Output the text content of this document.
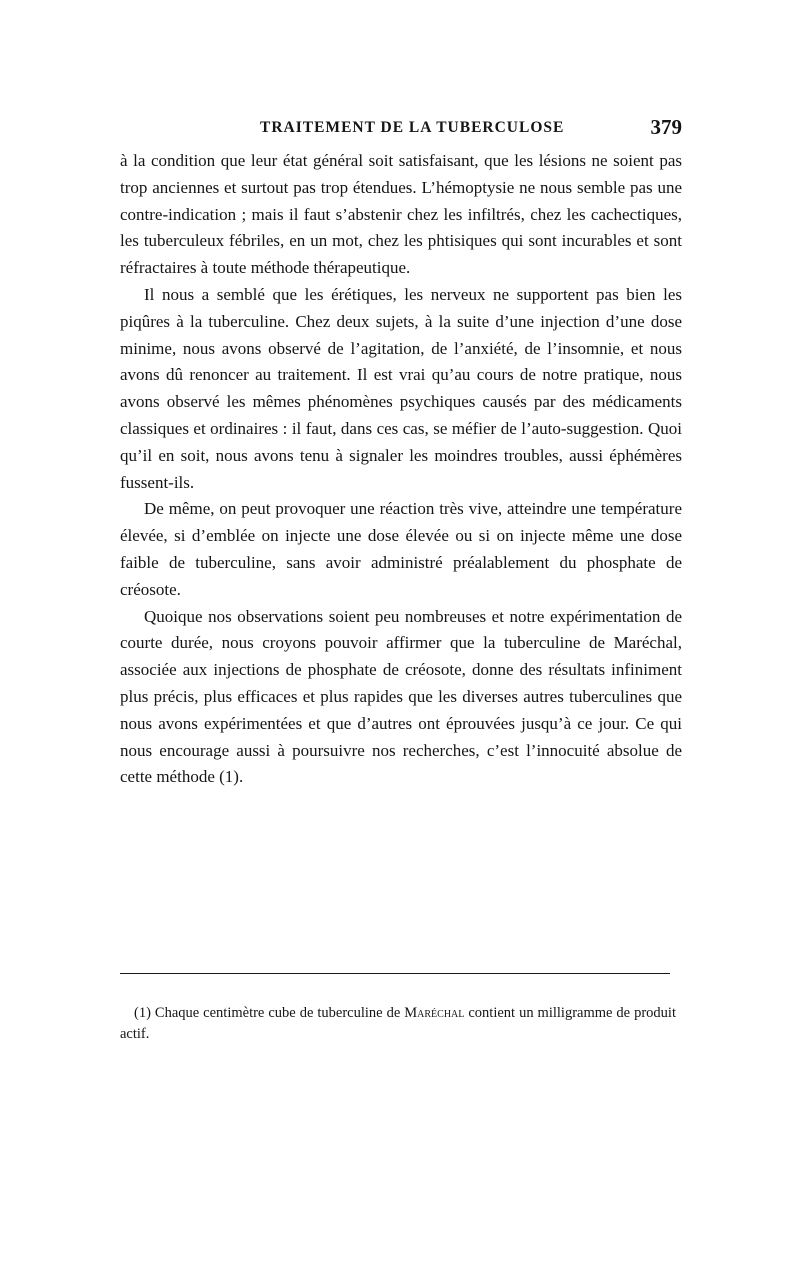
TRAITEMENT DE LA TUBERCULOSE	379

à la condition que leur état général soit satisfaisant, que les lésions ne soient pas trop anciennes et surtout pas trop étendues. L’hémoptysie ne nous semble pas une contre-indication ; mais il faut s’abstenir chez les infiltrés, chez les cachectiques, les tuberculeux fébriles, en un mot, chez les phtisiques qui sont incurables et sont réfractaires à toute méthode thérapeutique.

Il nous a semblé que les érétiques, les nerveux ne supportent pas bien les piqûres à la tuberculine. Chez deux sujets, à la suite d’une injection d’une dose minime, nous avons observé de l’agitation, de l’anxiété, de l’insomnie, et nous avons dû renoncer au traitement. Il est vrai qu’au cours de notre pratique, nous avons observé les mêmes phénomènes psychiques causés par des médicaments classiques et ordinaires : il faut, dans ces cas, se méfier de l’auto-suggestion. Quoi qu’il en soit, nous avons tenu à signaler les moindres troubles, aussi éphémères fussent-ils.

De même, on peut provoquer une réaction très vive, atteindre une température élevée, si d’emblée on injecte une dose élevée ou si on injecte même une dose faible de tuberculine, sans avoir administré préalablement du phosphate de créosote.

Quoique nos observations soient peu nombreuses et notre expérimentation de courte durée, nous croyons pouvoir affirmer que la tuberculine de Maréchal, associée aux injections de phosphate de créosote, donne des résultats infiniment plus précis, plus efficaces et plus rapides que les diverses autres tuberculines que nous avons expérimentées et que d’autres ont éprouvées jusqu’à ce jour. Ce qui nous encourage aussi à poursuivre nos recherches, c’est l’innocuité absolue de cette méthode (1).

(1) Chaque centimètre cube de tuberculine de Maréchal contient un milligramme de produit actif.
